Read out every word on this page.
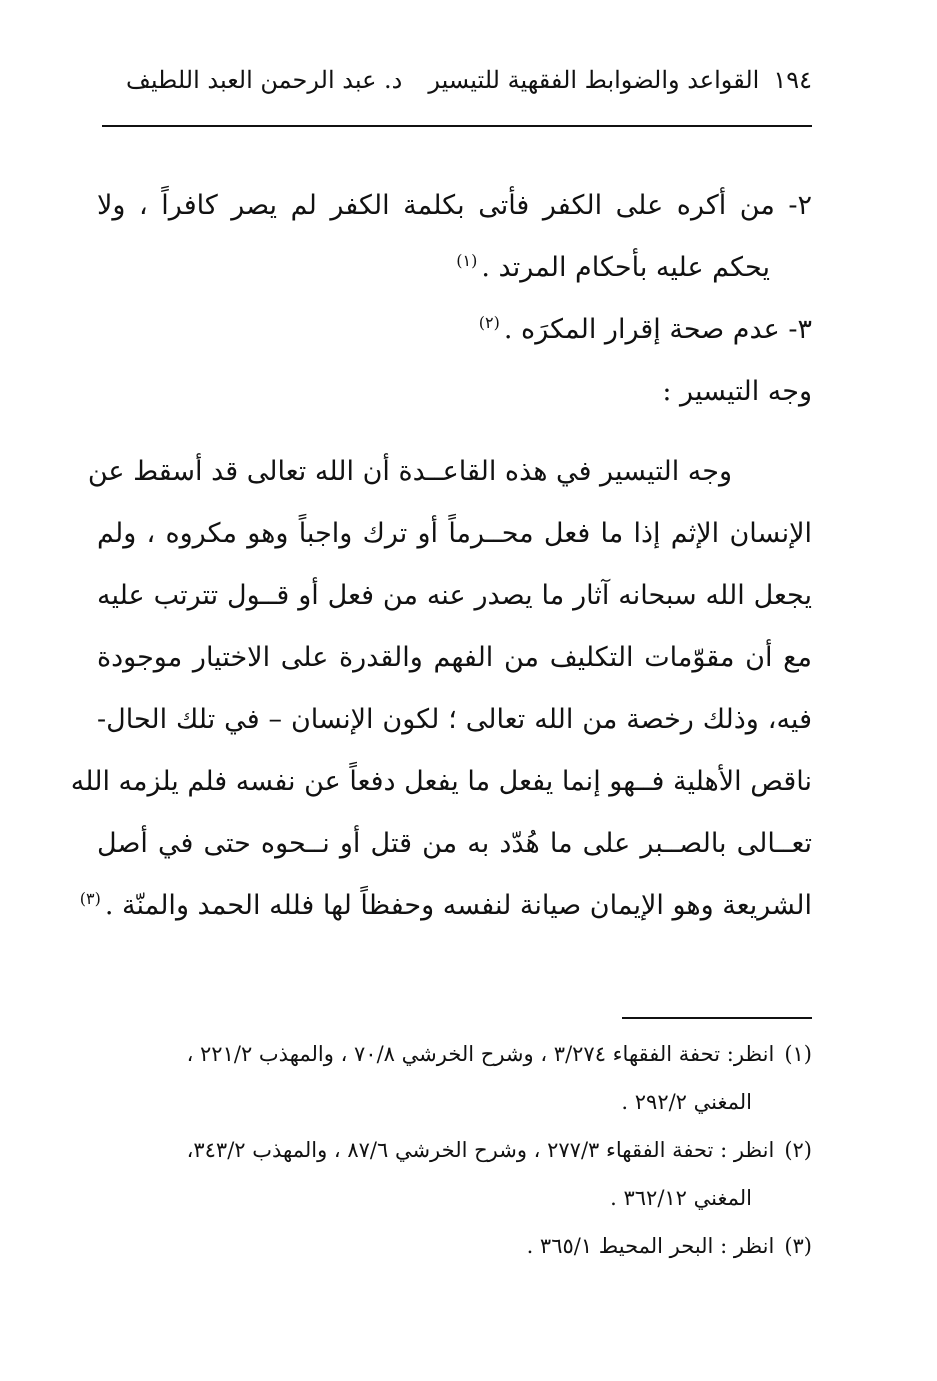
١٩٤
القواعد والضوابط الفقهية للتيسير
د. عبد الرحمن العبد اللطيف
٢- من أكره على الكفر فأتى بكلمة الكفر لم يصر كافراً ، ولا
يحكم عليه بأحكام المرتد .$^{(١)}$
٣- عدم صحة إقرار المكرَه .$^{(٢)}$
وجه التيسير :
وجه التيسير في هذه القاعــدة أن الله تعالى قد أسقط عن
الإنسان الإثم إذا ما فعل محــرماً أو ترك واجباً وهو مكروه ، ولم
يجعل الله سبحانه آثار ما يصدر عنه من فعل أو قــول تترتب عليه
مع أن مقوّمات التكليف من الفهم والقدرة على الاختيار موجودة
فيه، وذلك رخصة من الله تعالى ؛ لكون الإنسان – في تلك الحال-
ناقص الأهلية فــهو إنما يفعل ما يفعل دفعاً عن نفسه فلم يلزمه الله
تعــالى بالصــبر على ما هُدّد به من قتل أو نــحوه حتى في أصل
الشريعة وهو الإيمان صيانة لنفسه وحفظاً لها فلله الحمد والمنّة .$^{(٣)}$
(١)انظر: تحفة الفقهاء ٣/٢٧٤ ، وشرح الخرشي ٧٠/٨ ، والمهذب ٢٢١/٢ ،
المغني ٢٩٢/٢ .
(٢)انظر : تحفة الفقهاء ٢٧٧/٣ ، وشرح الخرشي ٨٧/٦ ، والمهذب ٣٤٣/٢،
المغني ٣٦٢/١٢ .
(٣)انظر : البحر المحيط ٣٦٥/١ .
